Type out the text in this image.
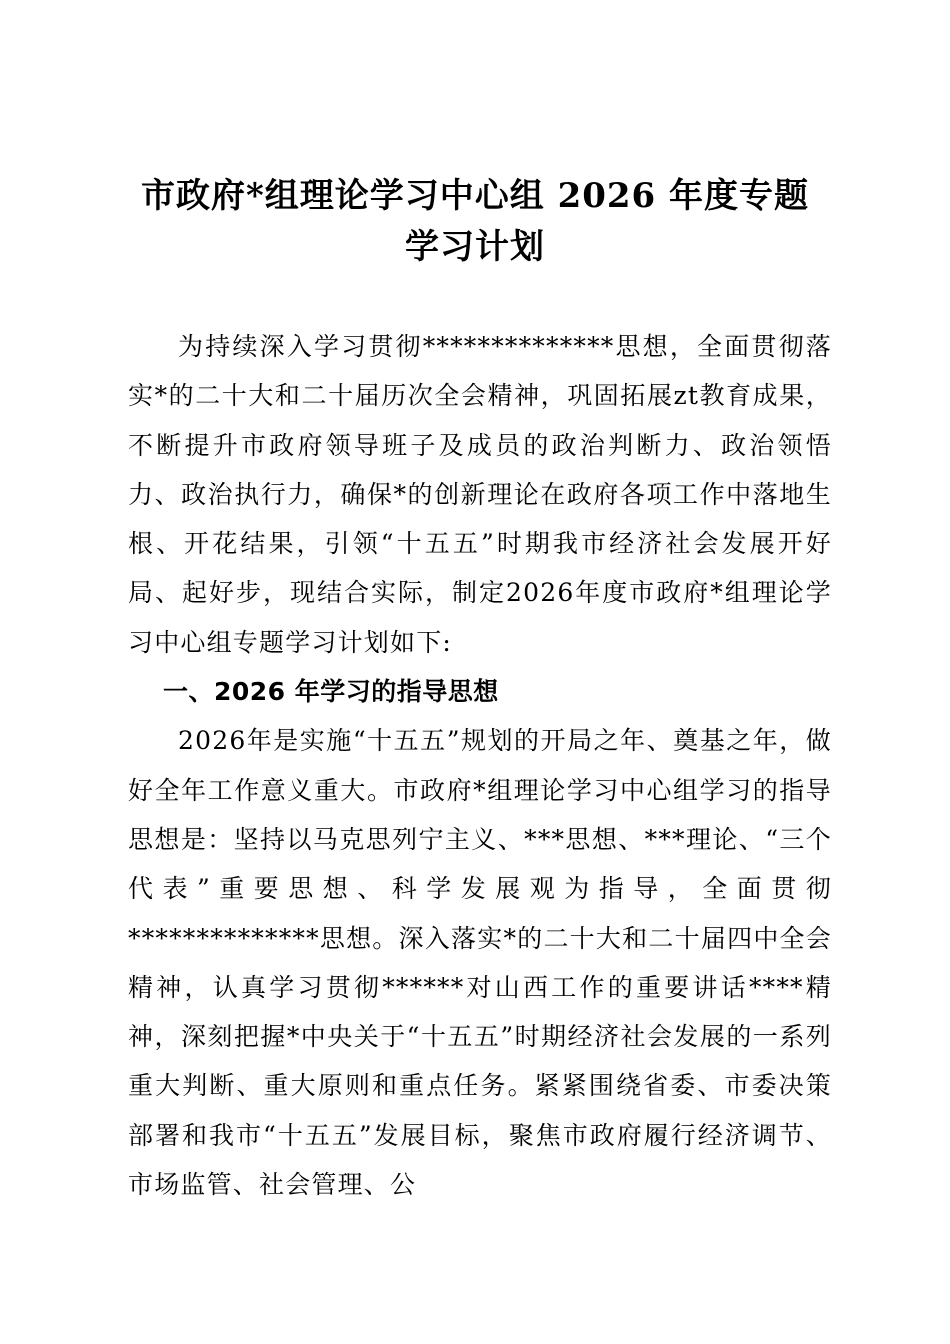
市政府*组理论学习中心组 2026 年度专题
学习计划

为持续深入学习贯彻**************思想，全面贯彻落实*的二十大和二十届历次全会精神，巩固拓展zt教育成果，不断提升市政府领导班子及成员的政治判断力、政治领悟力、政治执行力，确保*的创新理论在政府各项工作中落地生根、开花结果，引领“十五五”时期我市经济社会发展开好局、起好步，现结合实际，制定2026年度市政府*组理论学习中心组专题学习计划如下:

一、2026 年学习的指导思想

2026年是实施“十五五”规划的开局之年、奠基之年，做好全年工作意义重大。市政府*组理论学习中心组学习的指导思想是：坚持以马克思列宁主义、***思想、***理论、“三个代表”重要思想、科学发展观为指导，全面贯彻**************思想。深入落实*的二十大和二十届四中全会精神，认真学习贯彻******对山西工作的重要讲话****精神，深刻把握*中央关于“十五五”时期经济社会发展的一系列重大判断、重大原则和重点任务。紧紧围绕省委、市委决策部署和我市“十五五”发展目标，聚焦市政府履行经济调节、市场监管、社会管理、公
